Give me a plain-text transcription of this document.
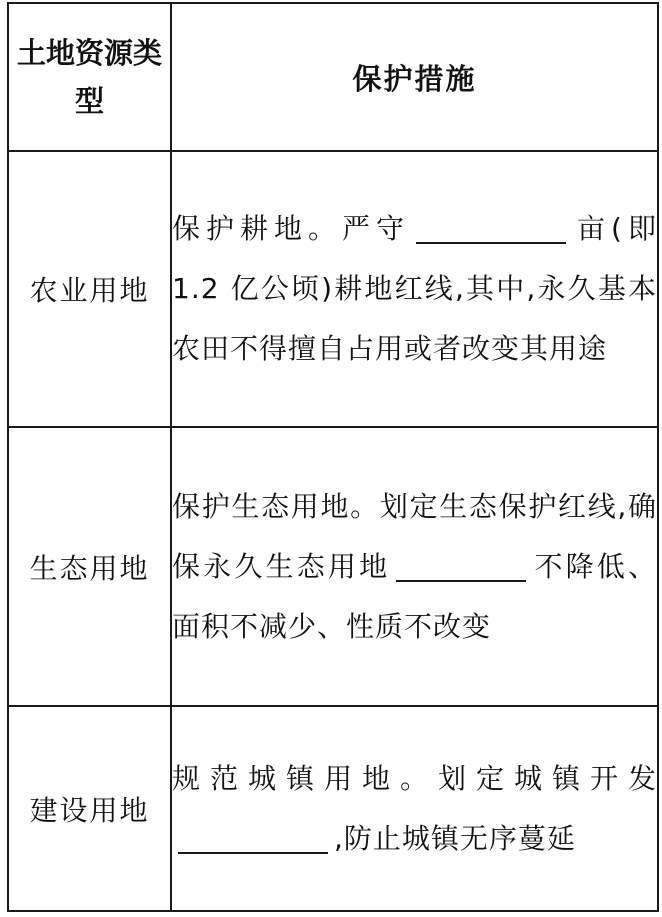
土地资源类型	保护措施
农业用地	保护耕地。严守 亩(即 1.2 亿公顷)耕地红线,其中,永久基本农田不得擅自占用或者改变其用途
生态用地	保护生态用地。划定生态保护红线,确保永久生态用地 不降低、面积不减少、性质不改变
建设用地	规范城镇用地。划定城镇开发,防止城镇无序蔓延
